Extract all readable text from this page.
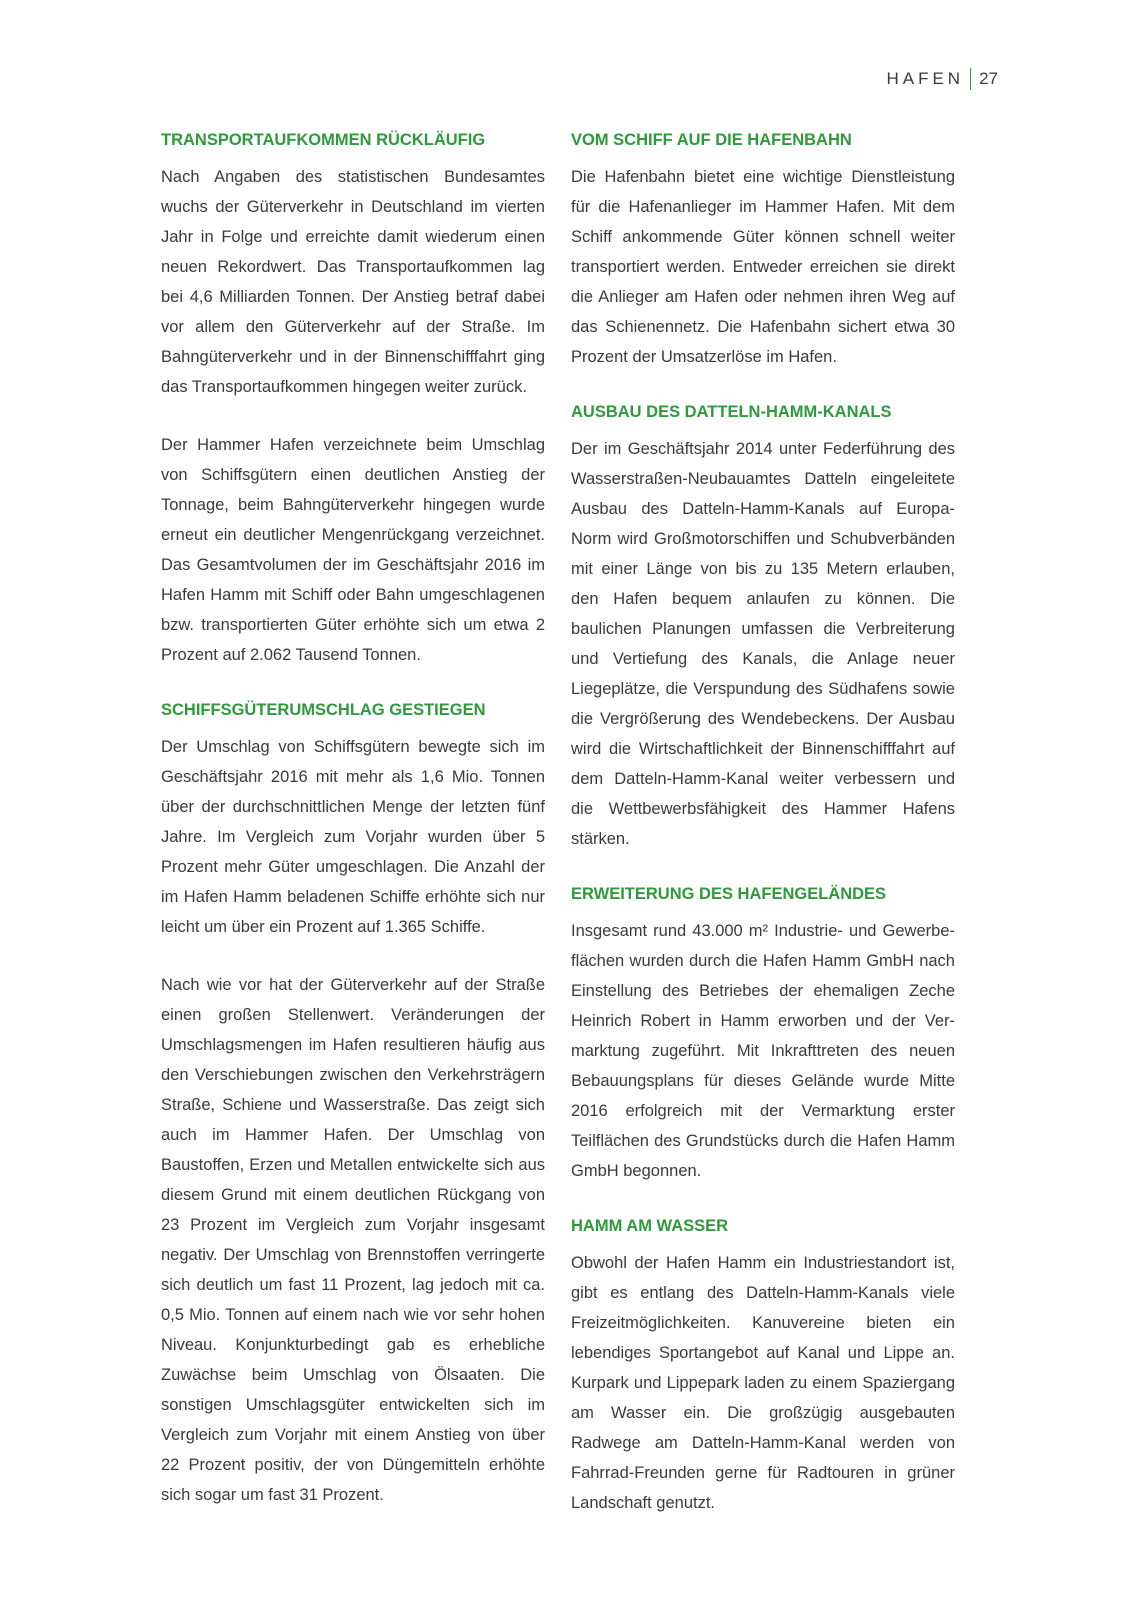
HAFEN 27
TRANSPORTAUFKOMMEN RÜCKLÄUFIG

Nach Angaben des statistischen Bundesamtes wuchs der Güterverkehr in Deutschland im vierten Jahr in Folge und erreichte damit wiederum einen neuen Rekordwert. Das Transportaufkommen lag bei 4,6 Milliarden Tonnen. Der Anstieg betraf dabei vor allem den Güterverkehr auf der Straße. Im Bahngüterverkehr und in der Binnenschifffahrt ging das Transportaufkommen hingegen weiter zurück.

Der Hammer Hafen verzeichnete beim Umschlag von Schiffsgütern einen deutlichen Anstieg der Tonnage, beim Bahngüterverkehr hingegen wurde erneut ein deutlicher Mengenrückgang verzeichnet. Das Gesamtvolumen der im Geschäftsjahr 2016 im Hafen Hamm mit Schiff oder Bahn umgeschlagenen bzw. transportierten Güter erhöhte sich um etwa 2 Prozent auf 2.062 Tausend Tonnen.

SCHIFFSGÜTERUMSCHLAG GESTIEGEN

Der Umschlag von Schiffsgütern bewegte sich im Geschäftsjahr 2016 mit mehr als 1,6 Mio. Tonnen über der durchschnittlichen Menge der letzten fünf Jahre. Im Vergleich zum Vorjahr wurden über 5 Prozent mehr Güter umgeschlagen. Die Anzahl der im Hafen Hamm beladenen Schiffe erhöhte sich nur leicht um über ein Prozent auf 1.365 Schiffe.

Nach wie vor hat der Güterverkehr auf der Straße einen großen Stellenwert. Veränderungen der Umschlagsmengen im Hafen resultieren häufig aus den Verschiebungen zwischen den Verkehrsträgern Straße, Schiene und Wasserstraße. Das zeigt sich auch im Hammer Hafen. Der Umschlag von Baustoffen, Erzen und Metallen entwickelte sich aus diesem Grund mit einem deutlichen Rückgang von 23 Prozent im Vergleich zum Vorjahr insgesamt negativ. Der Umschlag von Brennstoffen verringerte sich deutlich um fast 11 Prozent, lag jedoch mit ca. 0,5 Mio. Tonnen auf einem nach wie vor sehr hohen Niveau. Konjunkturbedingt gab es erhebliche Zuwächse beim Umschlag von Ölsaaten. Die sonstigen Umschlagsgüter entwickelten sich im Vergleich zum Vorjahr mit einem Anstieg von über 22 Prozent positiv, der von Düngemitteln erhöhte sich sogar um fast 31 Prozent.

VOM SCHIFF AUF DIE HAFENBAHN

Die Hafenbahn bietet eine wichtige Dienstleistung für die Hafenanlieger im Hammer Hafen. Mit dem Schiff ankommende Güter können schnell weiter transportiert werden. Entweder erreichen sie direkt die Anlieger am Hafen oder nehmen ihren Weg auf das Schienennetz. Die Hafenbahn sichert etwa 30 Prozent der Umsatzerlöse im Hafen.

AUSBAU DES DATTELN-HAMM-KANALS

Der im Geschäftsjahr 2014 unter Federführung des Wasserstraßen-Neubauamtes Datteln eingeleitete Ausbau des Datteln-Hamm-Kanals auf Europa-Norm wird Großmotorschiffen und Schubverbänden mit einer Länge von bis zu 135 Metern erlauben, den Hafen bequem anlaufen zu können. Die baulichen Planungen umfassen die Verbreiterung und Vertiefung des Kanals, die Anlage neuer Liegeplätze, die Verspundung des Südhafens sowie die Vergrößerung des Wendebeckens. Der Ausbau wird die Wirtschaftlichkeit der Binnenschifffahrt auf dem Datteln-Hamm-Kanal weiter verbessern und die Wettbewerbsfähigkeit des Hammer Hafens stärken.

ERWEITERUNG DES HAFENGELÄNDES

Insgesamt rund 43.000 m² Industrie- und Gewerbeflächen wurden durch die Hafen Hamm GmbH nach Einstellung des Betriebes der ehemaligen Zeche Heinrich Robert in Hamm erworben und der Vermarktung zugeführt. Mit Inkrafttreten des neuen Bebauungsplans für dieses Gelände wurde Mitte 2016 erfolgreich mit der Vermarktung erster Teilflächen des Grundstücks durch die Hafen Hamm GmbH begonnen.

HAMM AM WASSER

Obwohl der Hafen Hamm ein Industriestandort ist, gibt es entlang des Datteln-Hamm-Kanals viele Freizeitmöglichkeiten. Kanuvereine bieten ein lebendiges Sportangebot auf Kanal und Lippe an. Kurpark und Lippepark laden zu einem Spaziergang am Wasser ein. Die großzügig ausgebauten Radwege am Datteln-Hamm-Kanal werden von Fahrrad-Freunden gerne für Radtouren in grüner Landschaft genutzt.
